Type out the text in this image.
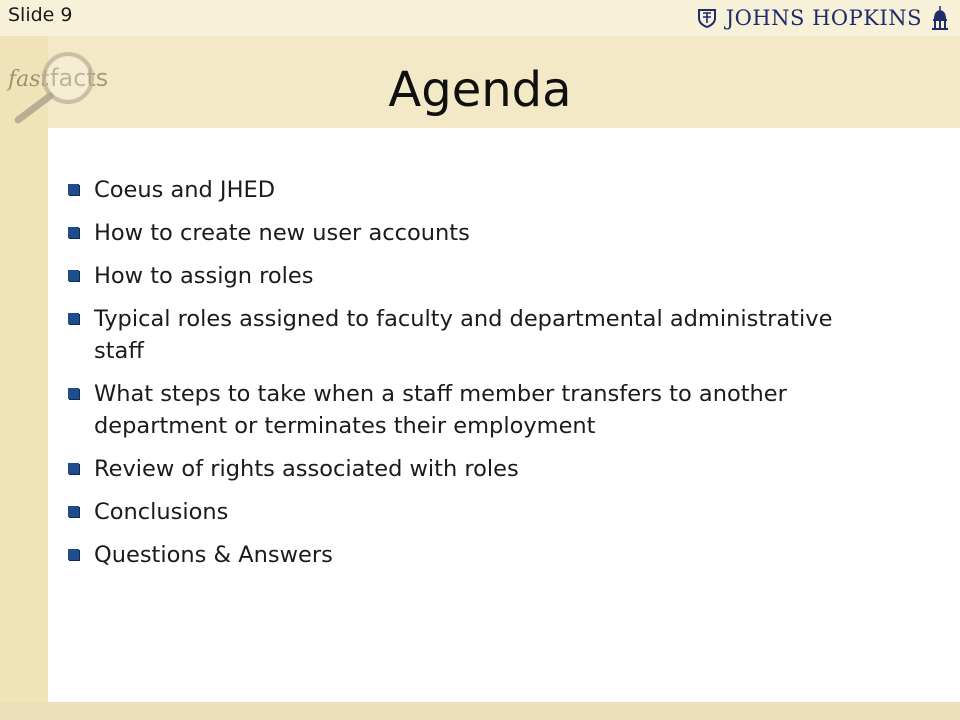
Slide 9	JOHNS HOPKINS
fast facts	Agenda
Coeus and JHED
How to create new user accounts
How to assign roles
Typical roles assigned to faculty and departmental administrative staff
What steps to take when a staff member transfers to another department or terminates their employment
Review of rights associated with roles
Conclusions
Questions & Answers
